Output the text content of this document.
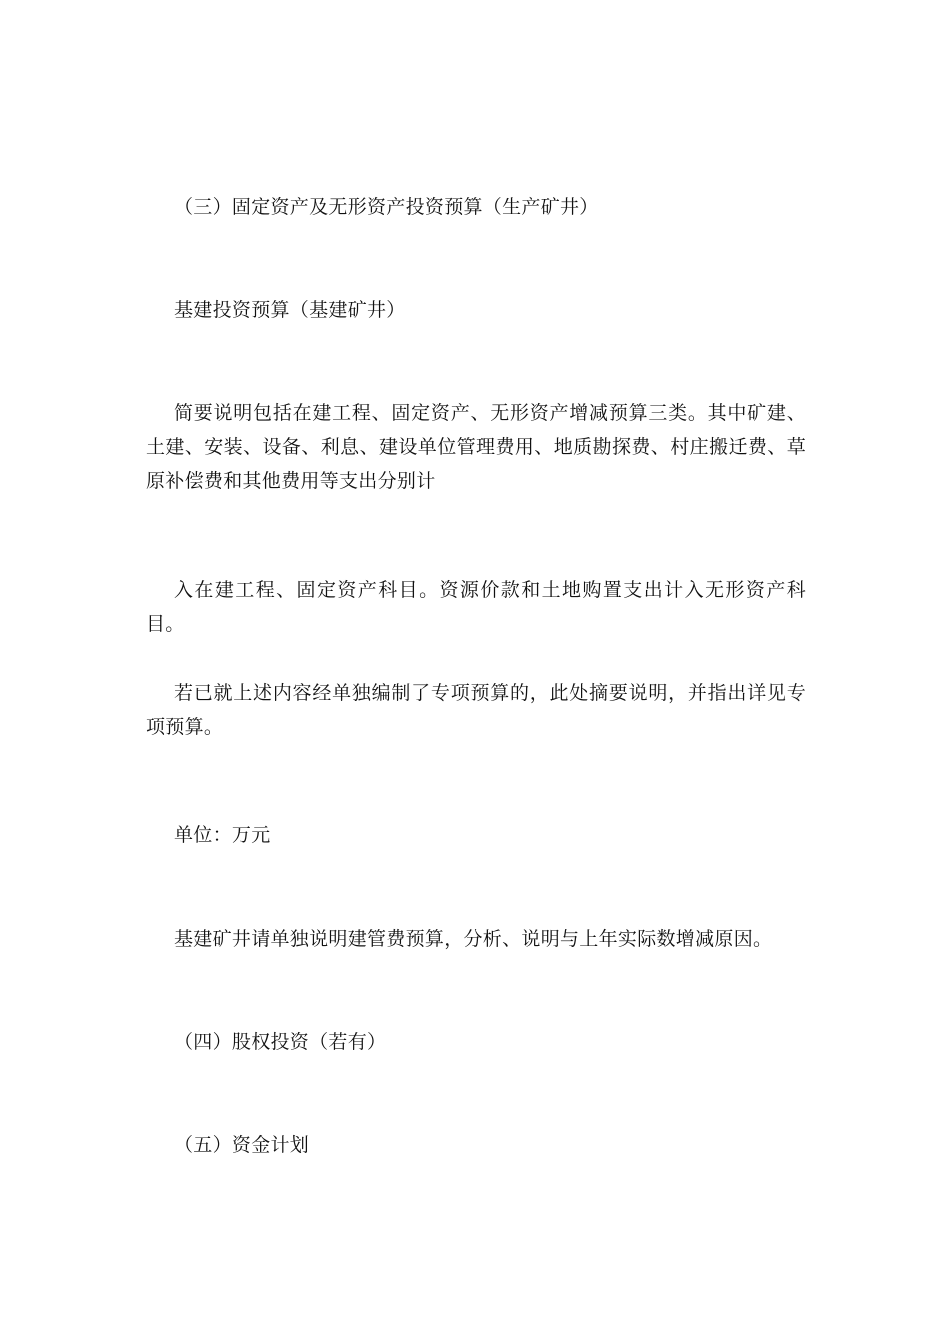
（三）固定资产及无形资产投资预算（生产矿井）

基建投资预算（基建矿井）

简要说明包括在建工程、固定资产、无形资产增减预算三类。其中矿建、土建、安装、设备、利息、建设单位管理费用、地质勘探费、村庄搬迁费、草原补偿费和其他费用等支出分别计

入在建工程、固定资产科目。资源价款和土地购置支出计入无形资产科目。

若已就上述内容经单独编制了专项预算的，此处摘要说明，并指出详见专项预算。

单位：万元

基建矿井请单独说明建管费预算，分析、说明与上年实际数增减原因。

（四）股权投资（若有）

（五）资金计划
